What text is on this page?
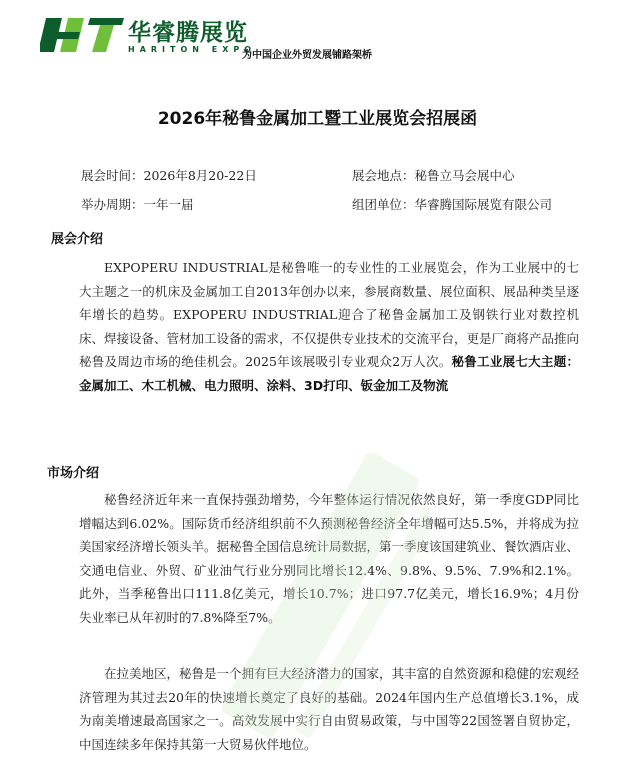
华睿腾展览
HARITON EXPO
为中国企业外贸发展铺路架桥
2026年秘鲁金属加工暨工业展览会招展函
展会时间：2026年8月20-22日	展会地点：秘鲁立马会展中心
举办周期：一年一届	组团单位：华睿腾国际展览有限公司
展会介绍
EXPOPERU INDUSTRIAL是秘鲁唯一的专业性的工业展览会，作为工业展中的七大主题之一的机床及金属加工自2013年创办以来，参展商数量、展位面积、展品种类呈逐年增长的趋势。EXPOPERU INDUSTRIAL迎合了秘鲁金属加工及钢铁行业对数控机床、焊接设备、管材加工设备的需求，不仅提供专业技术的交流平台，更是厂商将产品推向秘鲁及周边市场的绝佳机会。2025年该展吸引专业观众2万人次。秘鲁工业展七大主题：金属加工、木工机械、电力照明、涂料、3D打印、钣金加工及物流
市场介绍
秘鲁经济近年来一直保持强劲增势，今年整体运行情况依然良好，第一季度GDP同比增幅达到6.02%。国际货币经济组织前不久预测秘鲁经济全年增幅可达5.5%，并将成为拉美国家经济增长领头羊。据秘鲁全国信息统计局数据，第一季度该国建筑业、餐饮酒店业、交通电信业、外贸、矿业油气行业分别同比增长12.4%、9.8%、9.5%、7.9%和2.1%。此外，当季秘鲁出口111.8亿美元，增长10.7%；进口97.7亿美元，增长16.9%；4月份失业率已从年初时的7.8%降至7%。
在拉美地区，秘鲁是一个拥有巨大经济潜力的国家，其丰富的自然资源和稳健的宏观经济管理为其过去20年的快速增长奠定了良好的基础。2024年国内生产总值增长3.1%，成为南美增速最高国家之一。高效发展中实行自由贸易政策，与中国等22国签署自贸协定，中国连续多年保持其第一大贸易伙伴地位。
